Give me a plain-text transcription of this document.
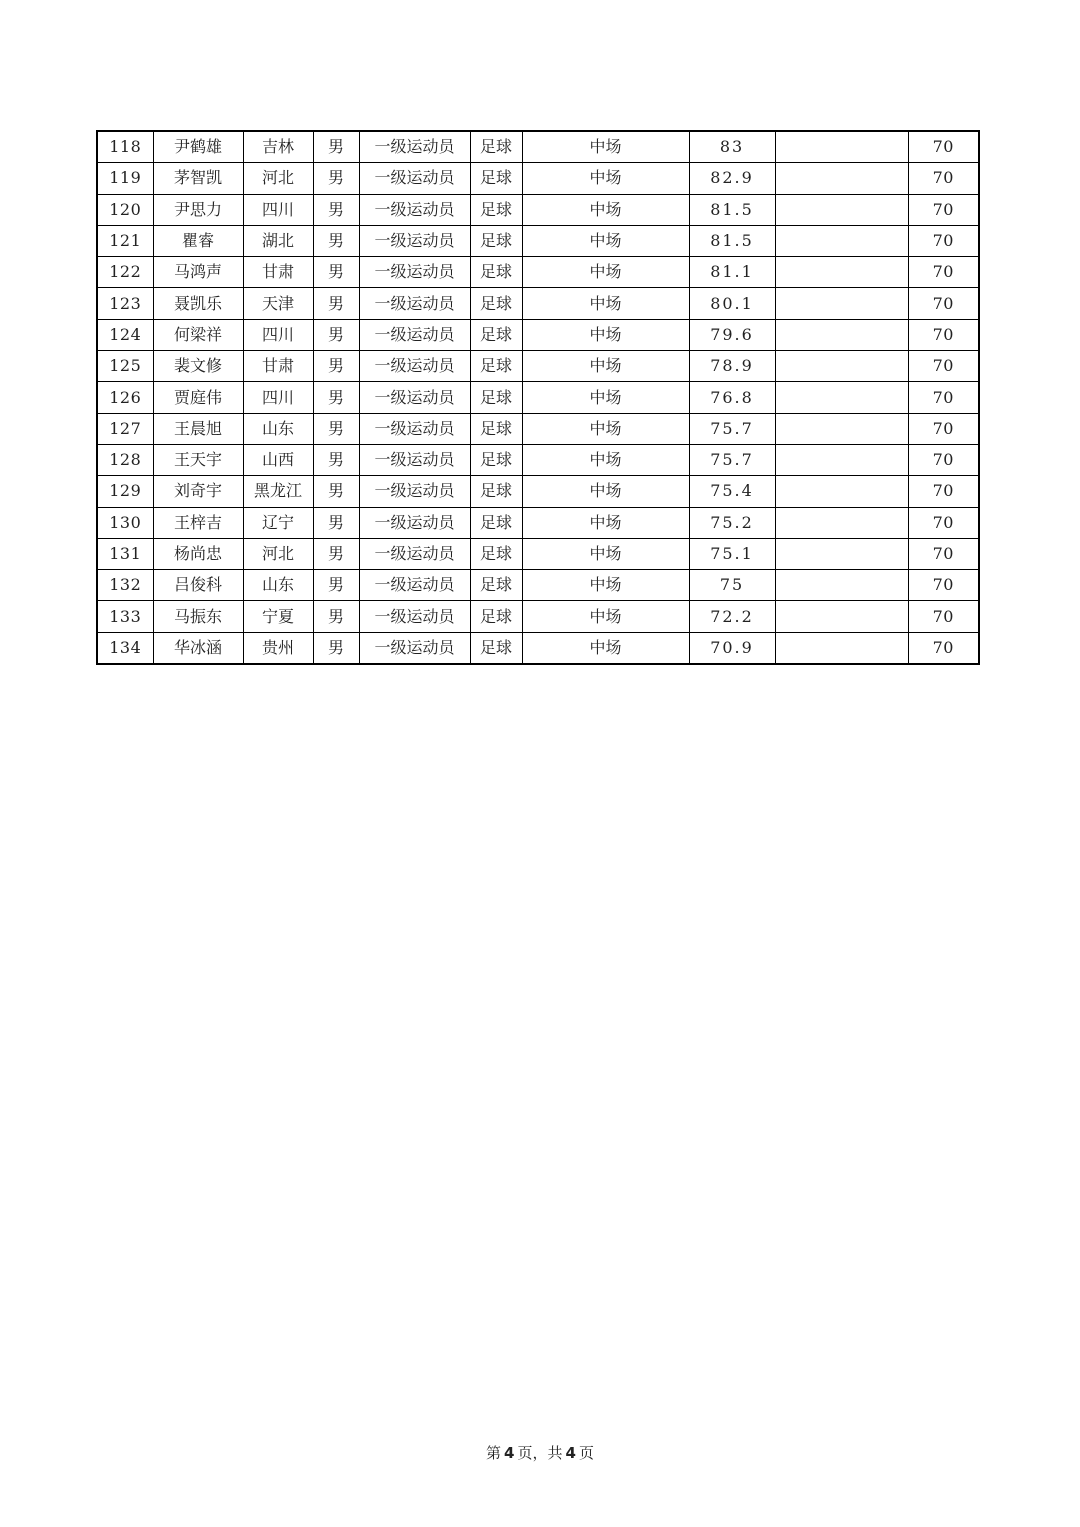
118	尹鹤雄	吉林	男	一级运动员	足球	中场	83		70
119	茅智凯	河北	男	一级运动员	足球	中场	82.9		70
120	尹思力	四川	男	一级运动员	足球	中场	81.5		70
121	瞿睿	湖北	男	一级运动员	足球	中场	81.5		70
122	马鸿声	甘肃	男	一级运动员	足球	中场	81.1		70
123	聂凯乐	天津	男	一级运动员	足球	中场	80.1		70
124	何梁祥	四川	男	一级运动员	足球	中场	79.6		70
125	裴文修	甘肃	男	一级运动员	足球	中场	78.9		70
126	贾庭伟	四川	男	一级运动员	足球	中场	76.8		70
127	王晨旭	山东	男	一级运动员	足球	中场	75.7		70
128	王天宇	山西	男	一级运动员	足球	中场	75.7		70
129	刘奇宇	黑龙江	男	一级运动员	足球	中场	75.4		70
130	王梓吉	辽宁	男	一级运动员	足球	中场	75.2		70
131	杨尚忠	河北	男	一级运动员	足球	中场	75.1		70
132	吕俊科	山东	男	一级运动员	足球	中场	75		70
133	马振东	宁夏	男	一级运动员	足球	中场	72.2		70
134	华冰涵	贵州	男	一级运动员	足球	中场	70.9		70
第 4 页，共 4 页
